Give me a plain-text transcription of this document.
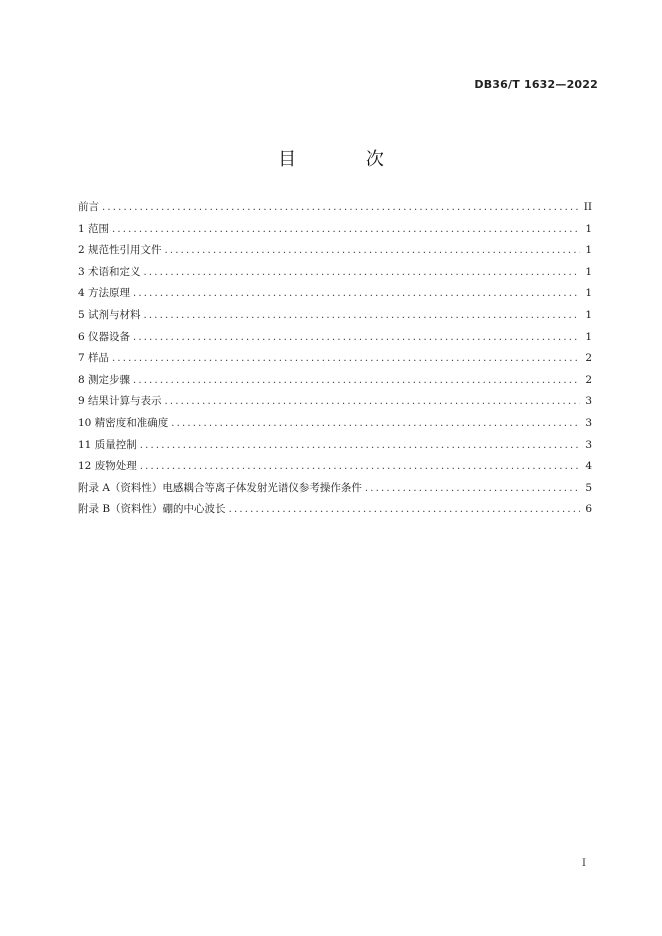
DB36/T 1632—2022
目 次
前言 .....	II
1 范围 .....	1
2 规范性引用文件 .....	1
3 术语和定义 .....	1
4 方法原理 .....	1
5 试剂与材料 .....	1
6 仪器设备 .....	1
7 样品 .....	2
8 测定步骤 .....	2
9 结果计算与表示 .....	3
10 精密度和准确度 .....	3
11 质量控制 .....	3
12 废物处理 .....	4
附录 A（资料性）电感耦合等离子体发射光谱仪参考操作条件 .....	5
附录 B（资料性）硼的中心波长 .....	6
I
